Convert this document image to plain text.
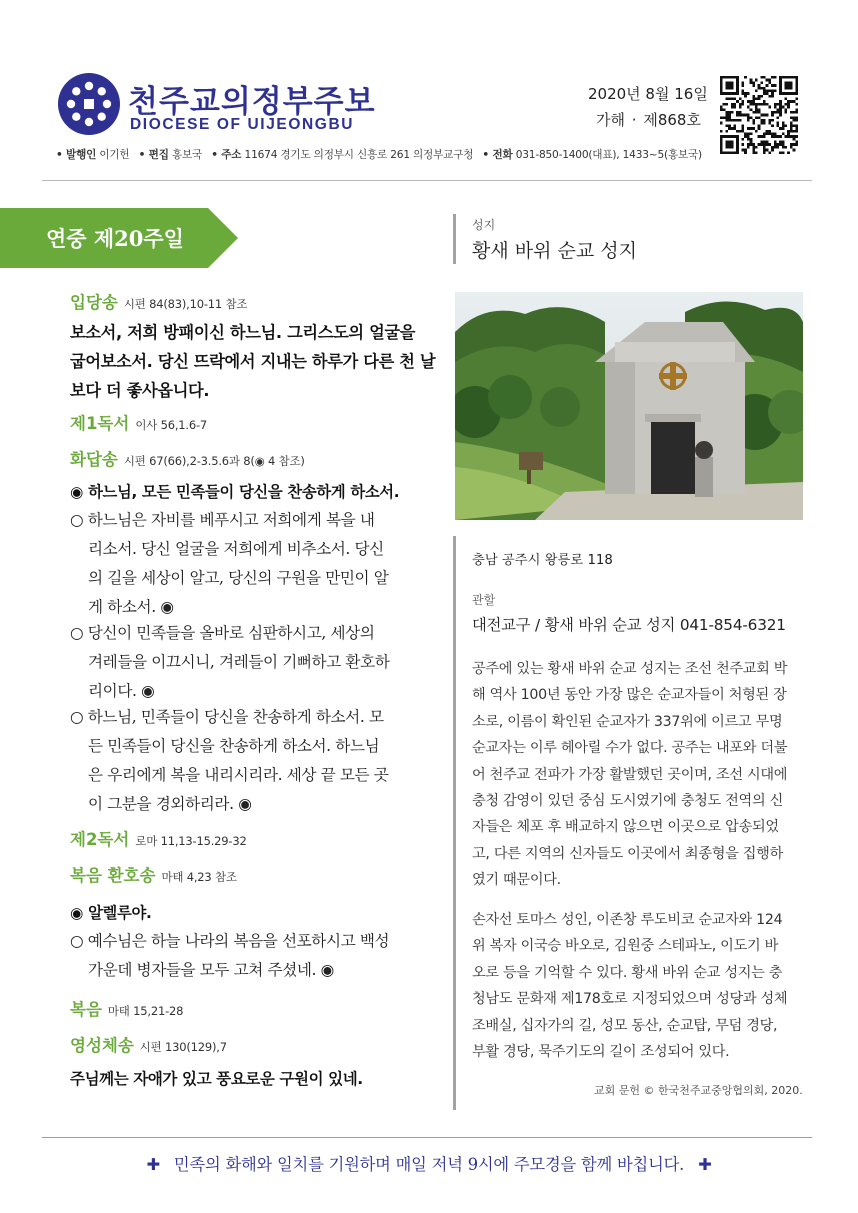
천주교의정부주보
DIOCESE OF UIJEONGBU
2020년 8월 16일
가해 · 제868호
• 발행인 이기헌 • 편집 홍보국 • 주소 11674 경기도 의정부시 신흥로 261 의정부교구청 • 전화 031-850-1400(대표), 1433~5(홍보국)
연중 제20주일
입당송 시편 84(83),10-11 참조
보소서, 저희 방패이신 하느님. 그리스도의 얼굴을
굽어보소서. 당신 뜨락에서 지내는 하루가 다른 천 날
보다 더 좋사옵니다.
제1독서 이사 56,1.6-7
화답송 시편 67(66),2-3.5.6과 8(◉ 4 참조)
◉ 하느님, 모든 민족들이 당신을 찬송하게 하소서.
○ 하느님은 자비를 베푸시고 저희에게 복을 내
리소서. 당신 얼굴을 저희에게 비추소서. 당신
의 길을 세상이 알고, 당신의 구원을 만민이 알
게 하소서. ◉
○ 당신이 민족들을 올바로 심판하시고, 세상의
겨레들을 이끄시니, 겨레들이 기뻐하고 환호하
리이다. ◉
○ 하느님, 민족들이 당신을 찬송하게 하소서. 모
든 민족들이 당신을 찬송하게 하소서. 하느님
은 우리에게 복을 내리시리라. 세상 끝 모든 곳
이 그분을 경외하리라. ◉
제2독서 로마 11,13-15.29-32
복음 환호송 마태 4,23 참조
◉ 알렐루야.
○ 예수님은 하늘 나라의 복음을 선포하시고 백성
가운데 병자들을 모두 고쳐 주셨네. ◉
복음 마태 15,21-28
영성체송 시편 130(129),7
주님께는 자애가 있고 풍요로운 구원이 있네.
성지
황새 바위 순교 성지
충남 공주시 왕릉로 118
관할
대전교구 / 황새 바위 순교 성지 041-854-6321
공주에 있는 황새 바위 순교 성지는 조선 천주교회 박
해 역사 100년 동안 가장 많은 순교자들이 처형된 장
소로, 이름이 확인된 순교자가 337위에 이르고 무명
순교자는 이루 헤아릴 수가 없다. 공주는 내포와 더불
어 천주교 전파가 가장 활발했던 곳이며, 조선 시대에
충청 감영이 있던 중심 도시였기에 충청도 전역의 신
자들은 체포 후 배교하지 않으면 이곳으로 압송되었
고, 다른 지역의 신자들도 이곳에서 최종형을 집행하
였기 때문이다.
손자선 토마스 성인, 이존창 루도비코 순교자와 124
위 복자 이국승 바오로, 김원중 스테파노, 이도기 바
오로 등을 기억할 수 있다. 황새 바위 순교 성지는 충
청남도 문화재 제178호로 지정되었으며 성당과 성체
조배실, 십자가의 길, 성모 동산, 순교탑, 무덤 경당,
부활 경당, 묵주기도의 길이 조성되어 있다.
교회 문헌 © 한국천주교중앙협의회, 2020.
✚ 민족의 화해와 일치를 기원하며 매일 저녁 9시에 주모경을 함께 바칩니다. ✚
